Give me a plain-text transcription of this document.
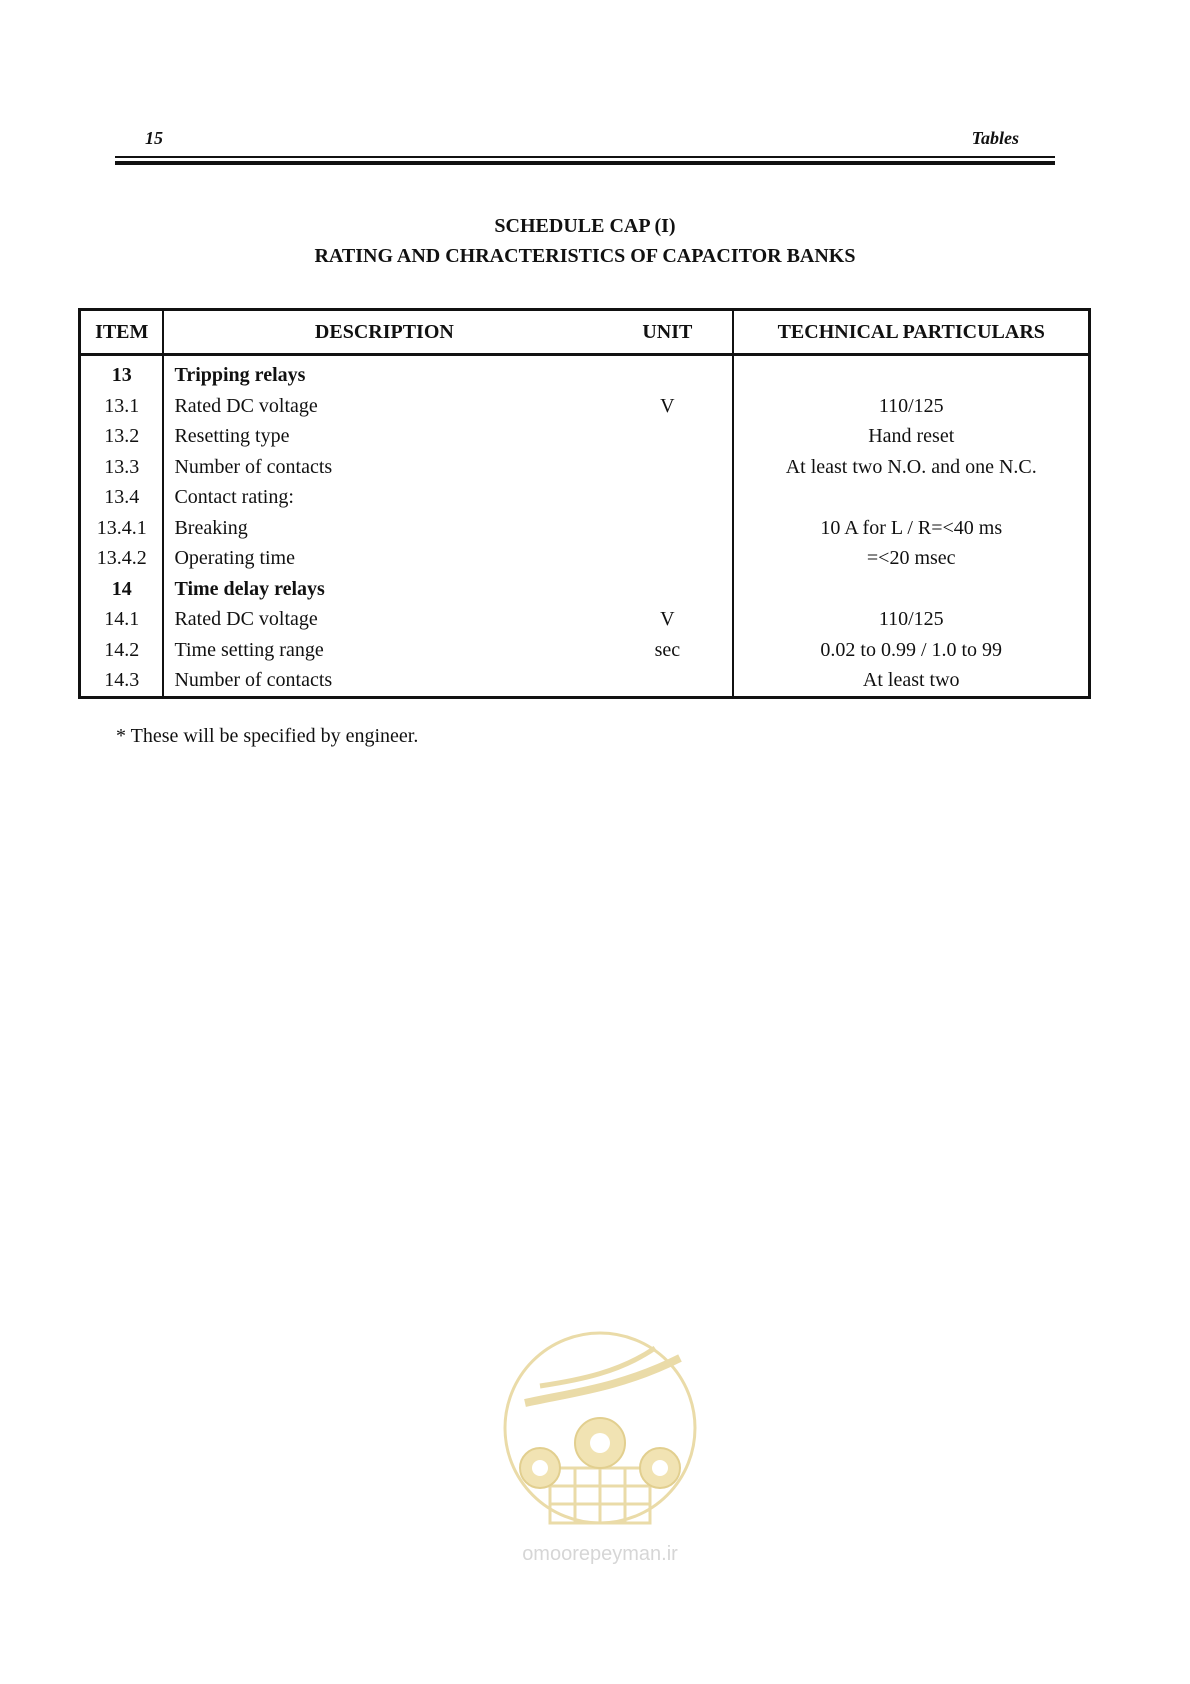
15	Tables
SCHEDULE CAP (I)
RATING AND CHRACTERISTICS OF CAPACITOR BANKS
ITEM	DESCRIPTION	UNIT	TECHNICAL PARTICULARS
13	Tripping relays		
13.1	Rated DC voltage	V	110/125
13.2	Resetting type		Hand reset
13.3	Number of contacts		At least two N.O. and one N.C.
13.4	Contact rating:		
13.4.1	Breaking		10 A for L / R=<40 ms
13.4.2	Operating time		=<20 msec
14	Time delay relays		
14.1	Rated DC voltage	V	110/125
14.2	Time setting range	sec	0.02 to 0.99 / 1.0 to 99
14.3	Number of contacts		At least two
* These will be specified by engineer.
omoorepeyman.ir
